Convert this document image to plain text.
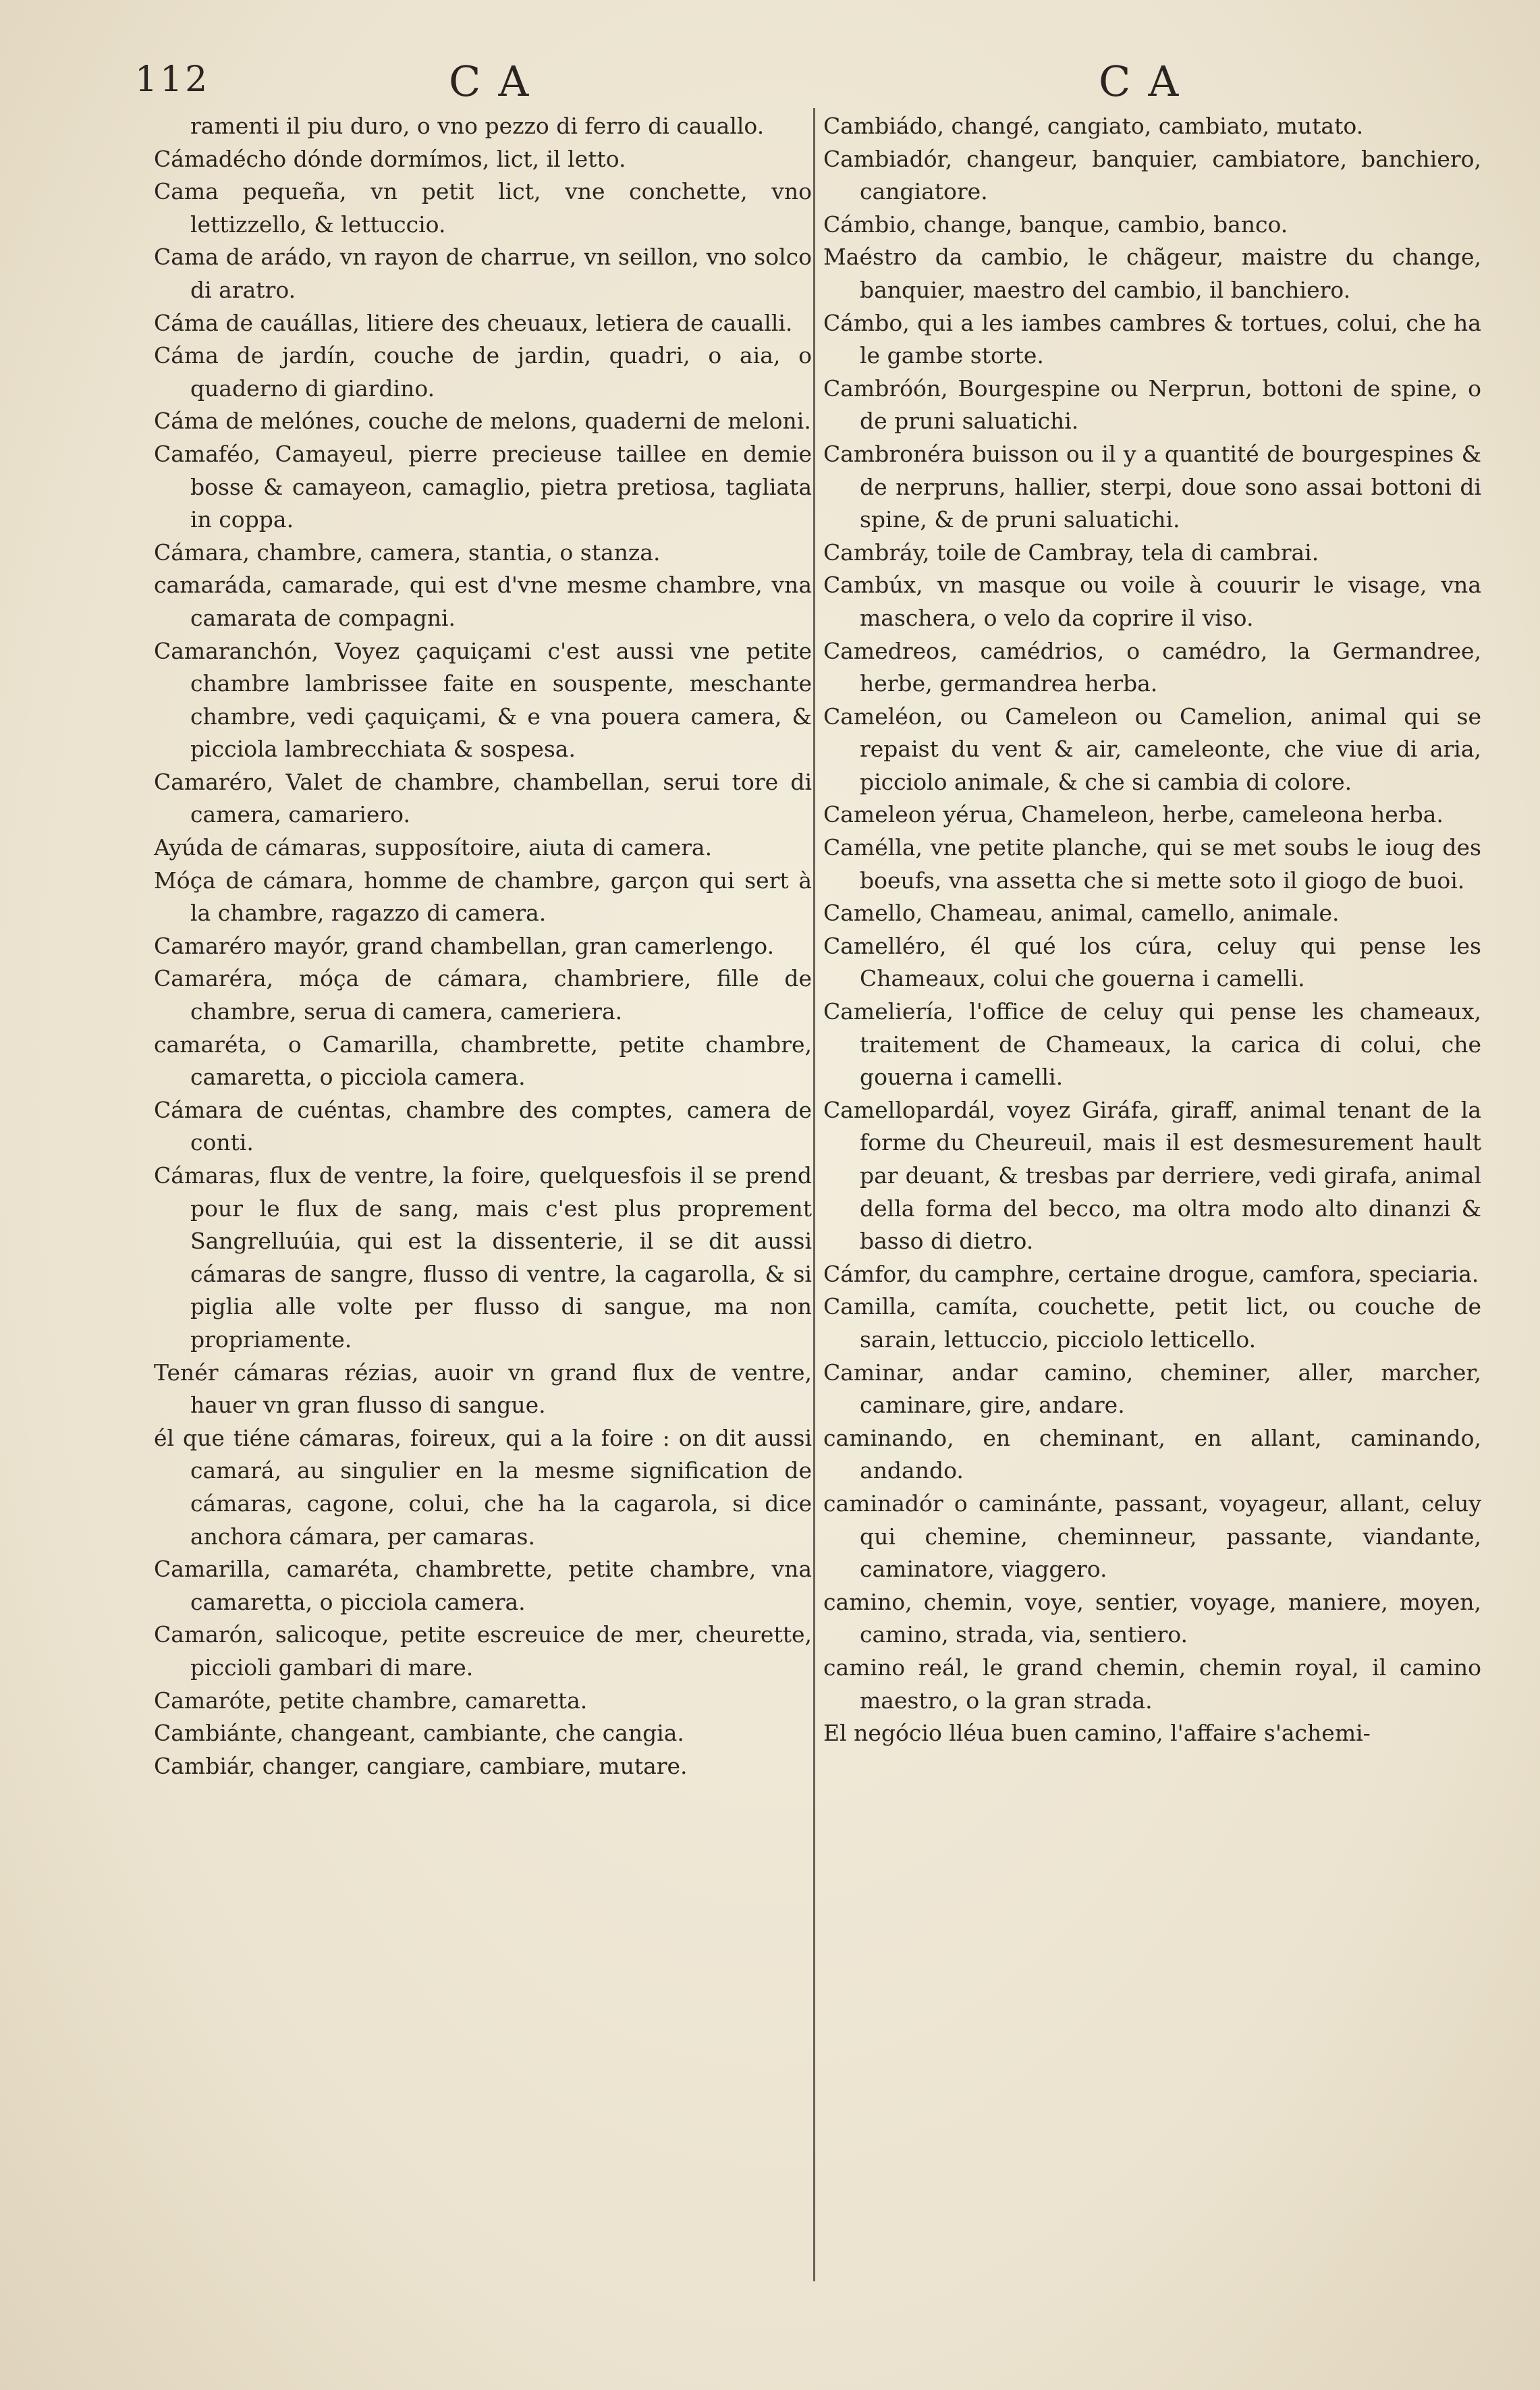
112	CA	CA

ramenti il piu duro, o vno pezzo di ferro di cauallo.

Cámadécho dónde dormímos, lict, il letto.

Cama pequeña, vn petit lict, vne conchette, vno lettizzello, & lettuccio.

Cama de arádo, vn rayon de charrue, vn seillon, vno solco di aratro.

Cáma de cauállas, litiere des cheuaux, letiera de caualli.

Cáma de jardín, couche de jardin, quadri, o aia, o quaderno di giardino.

Cáma de melónes, couche de melons, quaderni de meloni.

Camaféo, Camayeul, pierre precieuse taillee en demie bosse & camayeon, camaglio, pietra pretiosa, tagliata in coppa.

Cámara, chambre, camera, stantia, o stanza.

camaráda, camarade, qui est d'vne mesme chambre, vna camarata de compagni.

Camaranchón, Voyez çaquiçami c'est aussi vne petite chambre lambrissee faite en souspente, meschante chambre, vedi çaquiçami, & e vna pouera camera, & picciola lambrecchiata & sospesa.

Camaréro, Valet de chambre, chambellan, serui tore di camera, camariero.

Ayúda de cámaras, supposítoire, aiuta di camera.

Móça de cámara, homme de chambre, garçon qui sert à la chambre, ragazzo di camera.

Camaréro mayór, grand chambellan, gran camerlengo.

Camaréra, móça de cámara, chambriere, fille de chambre, serua di camera, cameriera.

camaréta, o Camarilla, chambrette, petite chambre, camaretta, o picciola camera.

Cámara de cuéntas, chambre des comptes, camera de conti.

Cámaras, flux de ventre, la foire, quelquesfois il se prend pour le flux de sang, mais c'est plus proprement Sangrelluúia, qui est la dissenterie, il se dit aussi cámaras de sangre, flusso di ventre, la cagarolla, & si piglia alle volte per flusso di sangue, ma non propriamente.

Tenér cámaras rézias, auoir vn grand flux de ventre, hauer vn gran flusso di sangue.

él que tiéne cámaras, foireux, qui a la foire : on dit aussi camará, au singulier en la mesme signification de cámaras, cagone, colui, che ha la cagarola, si dice anchora cámara, per camaras.

Camarilla, camaréta, chambrette, petite chambre, vna camaretta, o picciola camera.

Camarón, salicoque, petite escreuice de mer, cheurette, piccioli gambari di mare.

Camaróte, petite chambre, camaretta.

Cambiánte, changeant, cambiante, che cangia.

Cambiár, changer, cangiare, cambiare, mutare.

Cambiádo, changé, cangiato, cambiato, mutato.

Cambiadór, changeur, banquier, cambiatore, banchiero, cangiatore.

Cámbio, change, banque, cambio, banco.

Maéstro da cambio, le chãgeur, maistre du change, banquier, maestro del cambio, il banchiero.

Cámbo, qui a les iambes cambres & tortues, colui, che ha le gambe storte.

Cambróón, Bourgespine ou Nerprun, bottoni de spine, o de pruni saluatichi.

Cambronéra buisson ou il y a quantité de bourgespines & de nerpruns, hallier, sterpi, doue sono assai bottoni di spine, & de pruni saluatichi.

Cambráy, toile de Cambray, tela di cambrai.

Cambúx, vn masque ou voile à couurir le visage, vna maschera, o velo da coprire il viso.

Camedreos, camédrios, o camédro, la Germandree, herbe, germandrea herba.

Cameléon, ou Cameleon ou Camelion, animal qui se repaist du vent & air, cameleonte, che viue di aria, picciolo animale, & che si cambia di colore.

Cameleon yérua, Chameleon, herbe, cameleona herba.

Camélla, vne petite planche, qui se met soubs le ioug des boeufs, vna assetta che si mette soto il giogo de buoi.

Camello, Chameau, animal, camello, animale.

Camelléro, él qué los cúra, celuy qui pense les Chameaux, colui che gouerna i camelli.

Cameliería, l'office de celuy qui pense les chameaux, traitement de Chameaux, la carica di colui, che gouerna i camelli.

Camellopardál, voyez Giráfa, giraff, animal tenant de la forme du Cheureuil, mais il est desmesurement hault par deuant, & tresbas par derriere, vedi girafa, animal della forma del becco, ma oltra modo alto dinanzi & basso di dietro.

Cámfor, du camphre, certaine drogue, camfora, speciaria.

Camilla, camíta, couchette, petit lict, ou couche de sarain, lettuccio, picciolo letticello.

Caminar, andar camino, cheminer, aller, marcher, caminare, gire, andare.

caminando, en cheminant, en allant, caminando, andando.

caminadór o caminánte, passant, voyageur, allant, celuy qui chemine, cheminneur, passante, viandante, caminatore, viaggero.

camino, chemin, voye, sentier, voyage, maniere, moyen, camino, strada, via, sentiero.

camino reál, le grand chemin, chemin royal, il camino maestro, o la gran strada.

El negócio lléua buen camino, l'affaire s'achemi-
